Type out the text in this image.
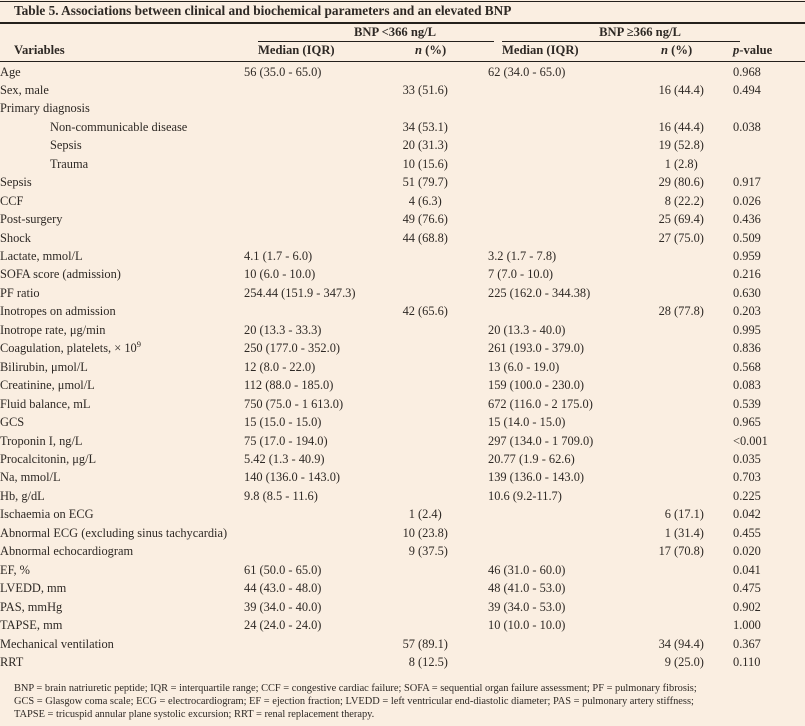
Table 5. Associations between clinical and biochemical parameters and an elevated BNP
BNP <366 ng/L	BNP ≥366 ng/L
Variables	Median (IQR)	n (%)	Median (IQR)	n (%)	p-value
Age	56 (35.0 - 65.0)		62 (34.0 - 65.0)		0.968
Sex, male		33 (51.6)		16 (44.4)	0.494
Primary diagnosis					
Non-communicable disease		34 (53.1)		16 (44.4)	0.038
Sepsis		20 (31.3)		19 (52.8)	
Trauma		10 (15.6)		1 (2.8)	
Sepsis		51 (79.7)		29 (80.6)	0.917
CCF		4 (6.3)		8 (22.2)	0.026
Post-surgery		49 (76.6)		25 (69.4)	0.436
Shock		44 (68.8)		27 (75.0)	0.509
Lactate, mmol/L	4.1 (1.7 - 6.0)		3.2 (1.7 - 7.8)		0.959
SOFA score (admission)	10 (6.0 - 10.0)		7 (7.0 - 10.0)		0.216
PF ratio	254.44 (151.9 - 347.3)		225 (162.0 - 344.38)		0.630
Inotropes on admission		42 (65.6)		28 (77.8)	0.203
Inotrope rate, μg/min	20 (13.3 - 33.3)		20 (13.3 - 40.0)		0.995
Coagulation, platelets, × $10^9$	250 (177.0 - 352.0)		261 (193.0 - 379.0)		0.836
Bilirubin, μmol/L	12 (8.0 - 22.0)		13 (6.0 - 19.0)		0.568
Creatinine, μmol/L	112 (88.0 - 185.0)		159 (100.0 - 230.0)		0.083
Fluid balance, mL	750 (75.0 - 1 613.0)		672 (116.0 - 2 175.0)		0.539
GCS	15 (15.0 - 15.0)		15 (14.0 - 15.0)		0.965
Troponin I, ng/L	75 (17.0 - 194.0)		297 (134.0 - 1 709.0)		<0.001
Procalcitonin, μg/L	5.42 (1.3 - 40.9)		20.77 (1.9 - 62.6)		0.035
Na, mmol/L	140 (136.0 - 143.0)		139 (136.0 - 143.0)		0.703
Hb, g/dL	9.8 (8.5 - 11.6)		10.6 (9.2-11.7)		0.225
Ischaemia on ECG		1 (2.4)		6 (17.1)	0.042
Abnormal ECG (excluding sinus tachycardia)		10 (23.8)		1 (31.4)	0.455
Abnormal echocardiogram		9 (37.5)		17 (70.8)	0.020
EF, %	61 (50.0 - 65.0)		46 (31.0 - 60.0)		0.041
LVEDD, mm	44 (43.0 - 48.0)		48 (41.0 - 53.0)		0.475
PAS, mmHg	39 (34.0 - 40.0)		39 (34.0 - 53.0)		0.902
TAPSE, mm	24 (24.0 - 24.0)		10 (10.0 - 10.0)		1.000
Mechanical ventilation		57 (89.1)		34 (94.4)	0.367
RRT		8 (12.5)		9 (25.0)	0.110
BNP = brain natriuretic peptide; IQR = interquartile range; CCF = congestive cardiac failure; SOFA = sequential organ failure assessment; PF = pulmonary fibrosis;
GCS = Glasgow coma scale; ECG = electrocardiogram; EF = ejection fraction; LVEDD = left ventricular end-diastolic diameter; PAS = pulmonary artery stiffness;
TAPSE = tricuspid annular plane systolic excursion; RRT = renal replacement therapy.
